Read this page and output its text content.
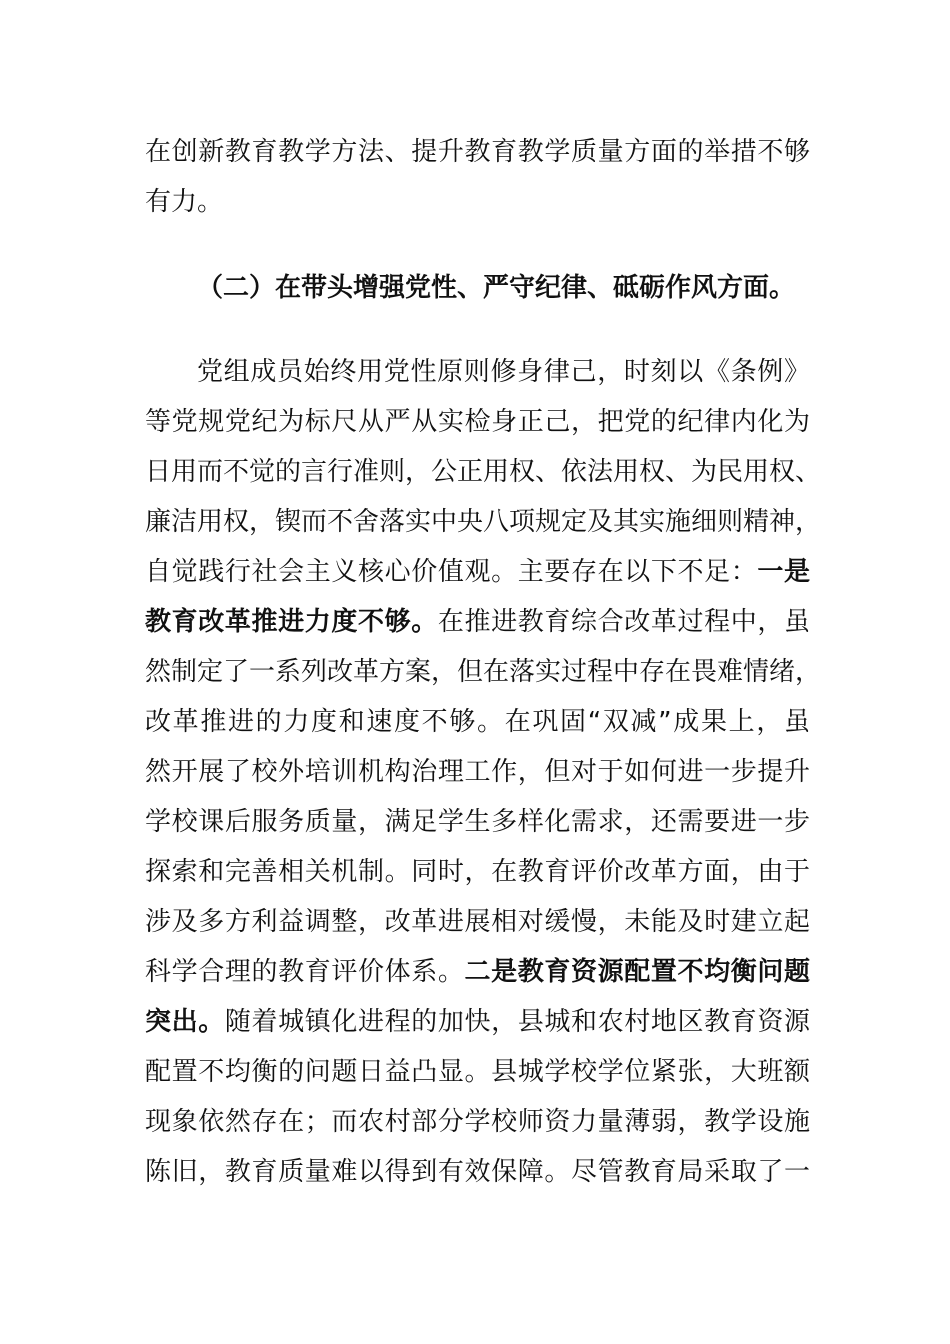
在创新教育教学方法、提升教育教学质量方面的举措不够
有力。
（二）在带头增强党性、严守纪律、砥砺作风方面。
党组成员始终用党性原则修身律己，时刻以《条例》
等党规党纪为标尺从严从实检身正己，把党的纪律内化为
日用而不觉的言行准则，公正用权、依法用权、为民用权、
廉洁用权，锲而不舍落实中央八项规定及其实施细则精神，
自觉践行社会主义核心价值观。主要存在以下不足：一是
教育改革推进力度不够。在推进教育综合改革过程中，虽
然制定了一系列改革方案，但在落实过程中存在畏难情绪，
改革推进的力度和速度不够。在巩固“双减”成果上，虽
然开展了校外培训机构治理工作，但对于如何进一步提升
学校课后服务质量，满足学生多样化需求，还需要进一步
探索和完善相关机制。同时，在教育评价改革方面，由于
涉及多方利益调整，改革进展相对缓慢，未能及时建立起
科学合理的教育评价体系。二是教育资源配置不均衡问题
突出。随着城镇化进程的加快，县城和农村地区教育资源
配置不均衡的问题日益凸显。县城学校学位紧张，大班额
现象依然存在；而农村部分学校师资力量薄弱，教学设施
陈旧，教育质量难以得到有效保障。尽管教育局采取了一
